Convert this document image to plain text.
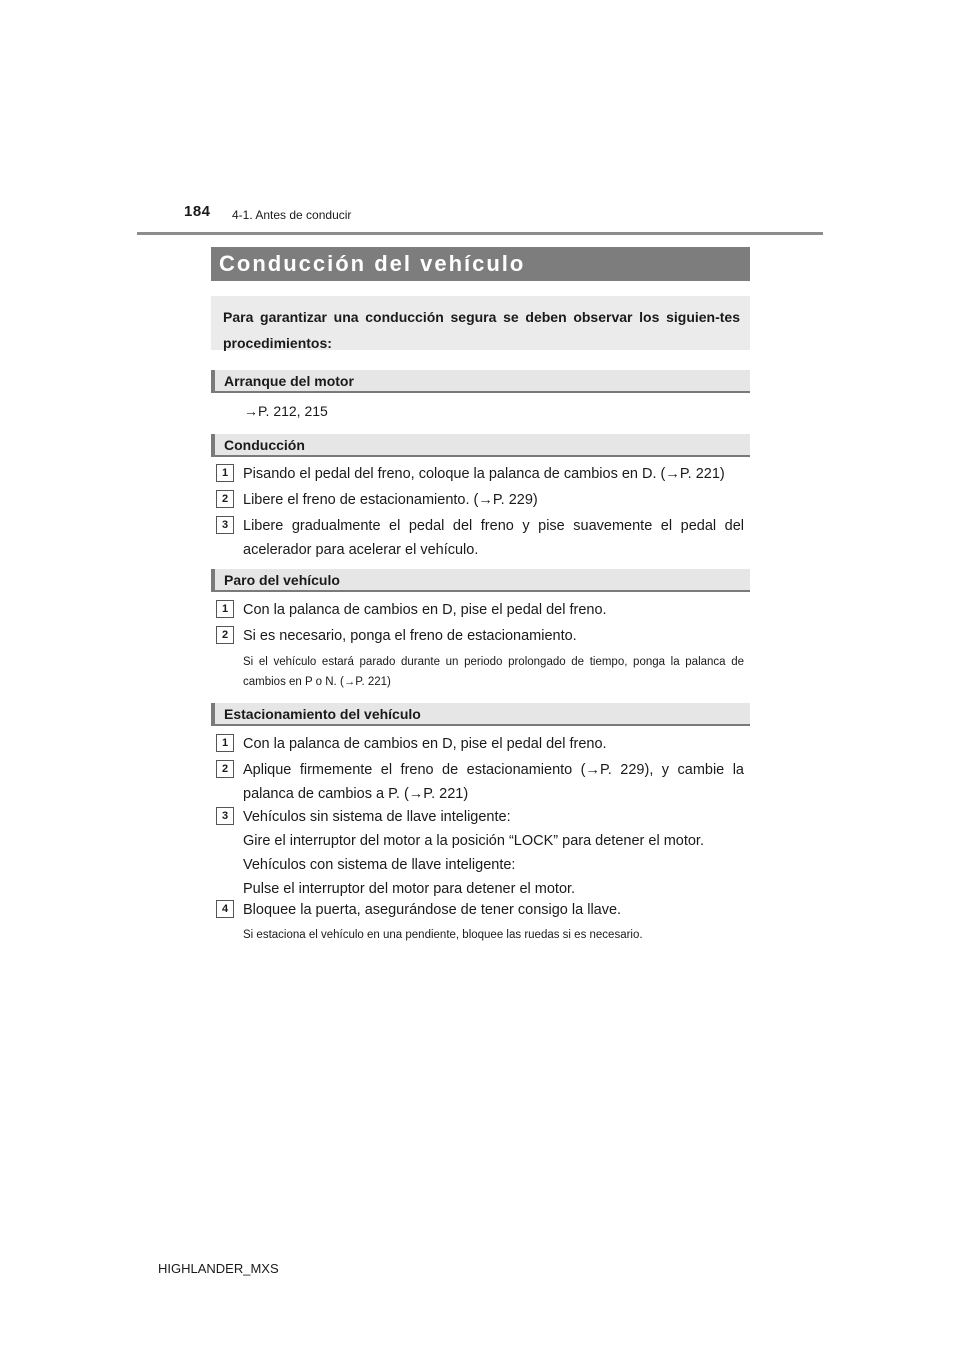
184 4-1. Antes de conducir
Conducción del vehículo
Para garantizar una conducción segura se deben observar los siguien-tes procedimientos:
Arranque del motor
→P. 212, 215
Conducción
1	Pisando el pedal del freno, coloque la palanca de cambios en D. (→P. 221)
2	Libere el freno de estacionamiento. (→P. 229)
3	Libere gradualmente el pedal del freno y pise suavemente el pedal del acelerador para acelerar el vehículo.
Paro del vehículo
1	Con la palanca de cambios en D, pise el pedal del freno.
2	Si es necesario, ponga el freno de estacionamiento.
Si el vehículo estará parado durante un periodo prolongado de tiempo, ponga la palanca de cambios en P o N. (→P. 221)
Estacionamiento del vehículo
1	Con la palanca de cambios en D, pise el pedal del freno.
2	Aplique firmemente el freno de estacionamiento (→P. 229), y cambie la palanca de cambios a P. (→P. 221)
3	Vehículos sin sistema de llave inteligente:
Gire el interruptor del motor a la posición “LOCK” para detener el motor.
Vehículos con sistema de llave inteligente:
Pulse el interruptor del motor para detener el motor.
4	Bloquee la puerta, asegurándose de tener consigo la llave.
Si estaciona el vehículo en una pendiente, bloquee las ruedas si es necesario.
HIGHLANDER_MXS
